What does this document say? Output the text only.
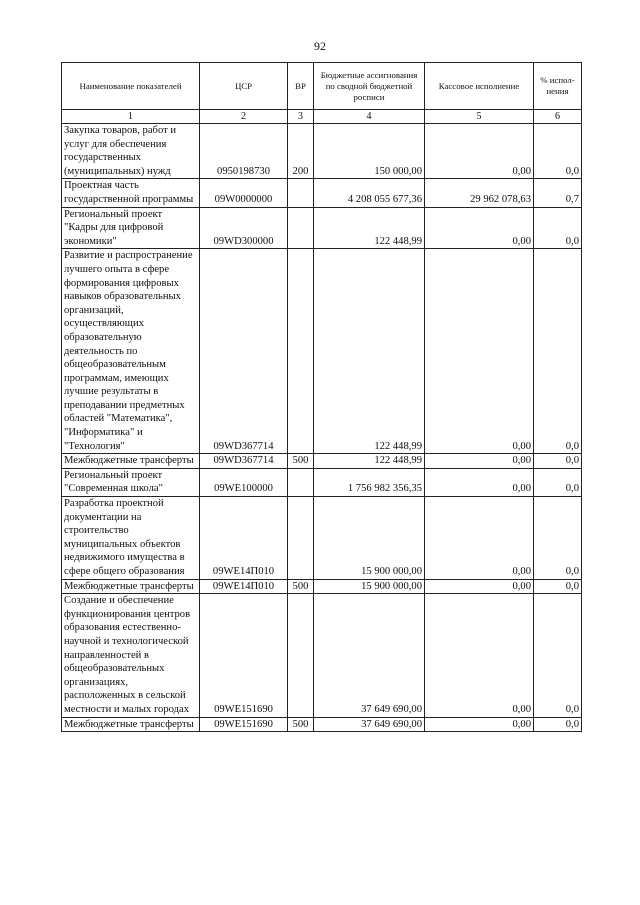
92
Наименование показателей	ЦСР	ВР	Бюджетные ассигнования по сводной бюджетной росписи	Кассовое исполнение	% испол-нения
1	2	3	4	5	6
Закупка товаров, работ и услуг для обеспечения государственных (муниципальных) нужд	0950198730	200	150 000,00	0,00	0,0
Проектная часть государственной программы	09W0000000		4 208 055 677,36	29 962 078,63	0,7
Региональный проект "Кадры для цифровой экономики"	09WD300000		122 448,99	0,00	0,0
Развитие и распространение лучшего опыта в сфере формирования цифровых навыков образовательных организаций, осуществляющих образовательную деятельность по общеобразовательным программам, имеющих лучшие результаты в преподавании предметных областей "Математика", "Информатика" и "Технология"	09WD367714		122 448,99	0,00	0,0
Межбюджетные трансферты	09WD367714	500	122 448,99	0,00	0,0
Региональный проект "Современная школа"	09WE100000		1 756 982 356,35	0,00	0,0
Разработка проектной документации на строительство муниципальных объектов недвижимого имущества в сфере общего образования	09WE14П010		15 900 000,00	0,00	0,0
Межбюджетные трансферты	09WE14П010	500	15 900 000,00	0,00	0,0
Создание и обеспечение функционирования центров образования естественно-научной и технологической направленностей в общеобразовательных организациях, расположенных в сельской местности и малых городах	09WE151690		37 649 690,00	0,00	0,0
Межбюджетные трансферты	09WE151690	500	37 649 690,00	0,00	0,0
